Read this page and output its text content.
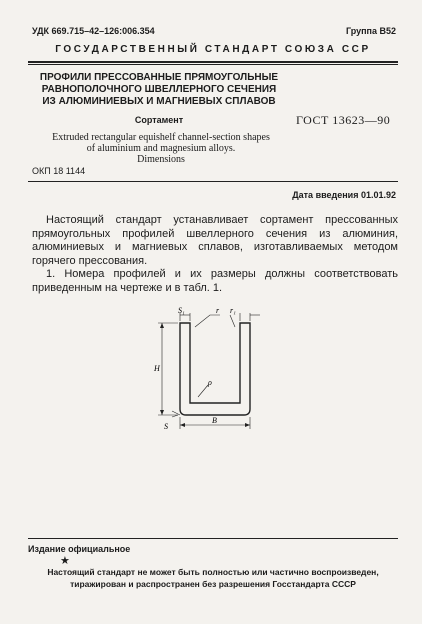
УДК 669.715–42–126:006.354	Группа В52
ГОСУДАРСТВЕННЫЙ СТАНДАРТ СОЮЗА ССР
ПРОФИЛИ ПРЕССОВАННЫЕ ПРЯМОУГОЛЬНЫЕ
РАВНОПОЛОЧНОГО ШВЕЛЛЕРНОГО СЕЧЕНИЯ
ИЗ АЛЮМИНИЕВЫХ И МАГНИЕВЫХ СПЛАВОВ
Сортамент	ГОСТ 13623—90
Extruded rectangular equishelf channel-section shapes
of aluminium and magnesium alloys.
Dimensions
ОКП 18 1144
Дата введения 01.01.92

Настоящий стандарт устанавливает сортамент прессованных прямоугольных профилей швеллерного сечения из алюминия, алюминиевых и магниевых сплавов, изготавливаемых методом горячего прессования.

1. Номера профилей и их размеры должны соответствовать приведенным на чертеже и в табл. 1.

S₁	r r₁
H
ρ
S
B
Издание официальное
★
Настоящий стандарт не может быть полностью или частично воспроизведен,
тиражирован и распространен без разрешения Госстандарта СССР
